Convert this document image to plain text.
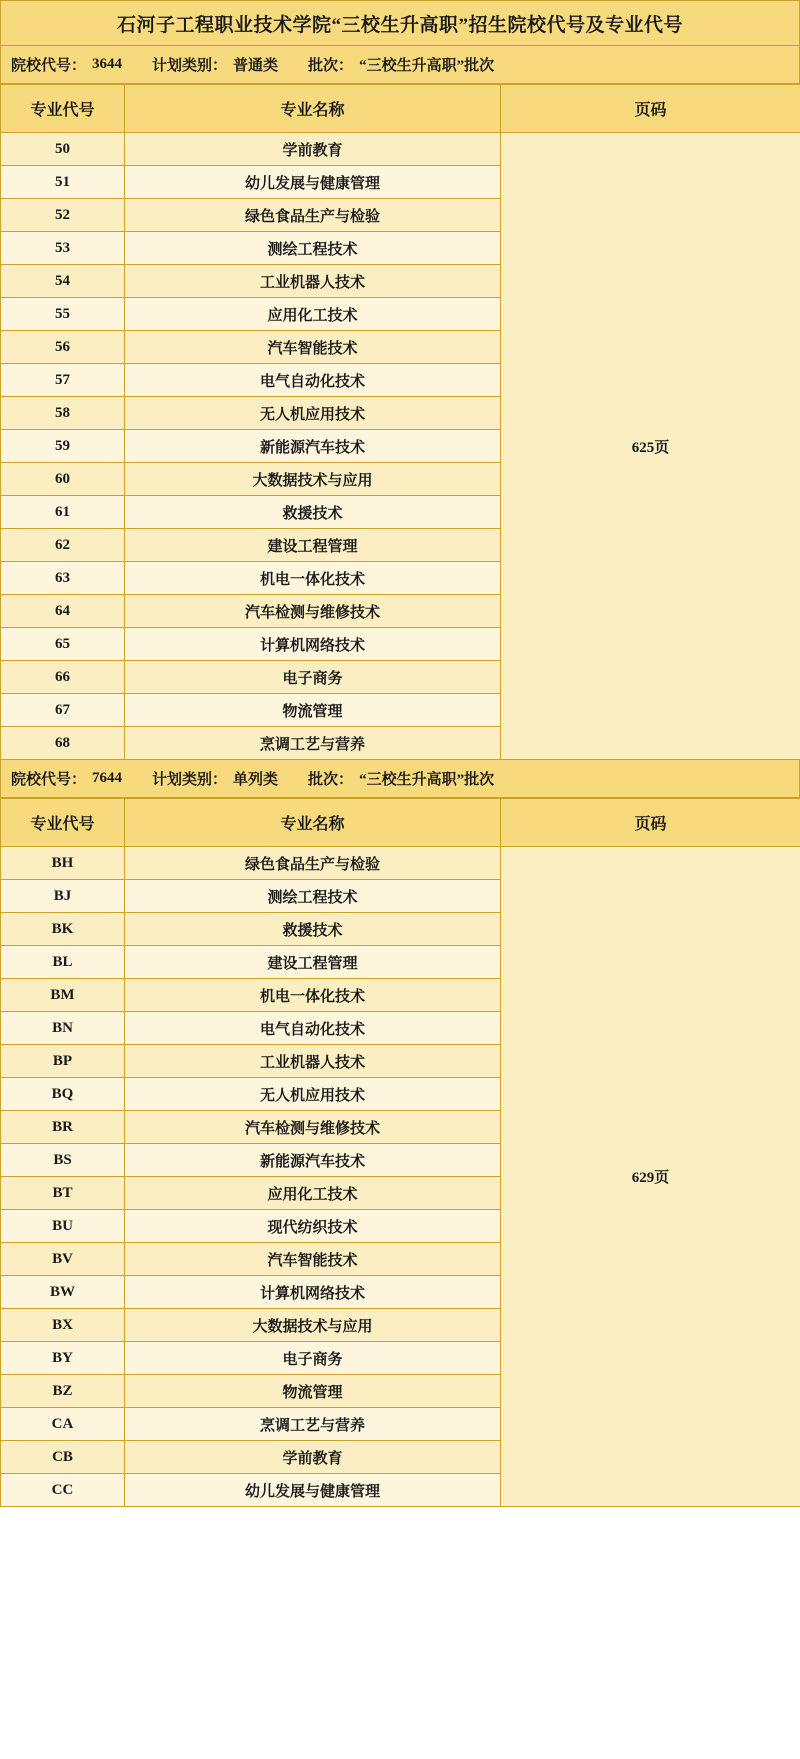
石河子工程职业技术学院“三校生升高职”招生院校代号及专业代号
院校代号： 3644 计划类别： 普通类 批次： “三校生升高职”批次
专业代号	专业名称	页码
50	学前教育	625页
51	幼儿发展与健康管理	
52	绿色食品生产与检验	
53	测绘工程技术	
54	工业机器人技术	
55	应用化工技术	
56	汽车智能技术	
57	电气自动化技术	
58	无人机应用技术	
59	新能源汽车技术	
60	大数据技术与应用	
61	救援技术	
62	建设工程管理	
63	机电一体化技术	
64	汽车检测与维修技术	
65	计算机网络技术	
66	电子商务	
67	物流管理	
68	烹调工艺与营养	
院校代号： 7644 计划类别： 单列类 批次： “三校生升高职”批次
专业代号	专业名称	页码
BH	绿色食品生产与检验	629页
BJ	测绘工程技术	
BK	救援技术	
BL	建设工程管理	
BM	机电一体化技术	
BN	电气自动化技术	
BP	工业机器人技术	
BQ	无人机应用技术	
BR	汽车检测与维修技术	
BS	新能源汽车技术	
BT	应用化工技术	
BU	现代纺织技术	
BV	汽车智能技术	
BW	计算机网络技术	
BX	大数据技术与应用	
BY	电子商务	
BZ	物流管理	
CA	烹调工艺与营养	
CB	学前教育	
CC	幼儿发展与健康管理	
